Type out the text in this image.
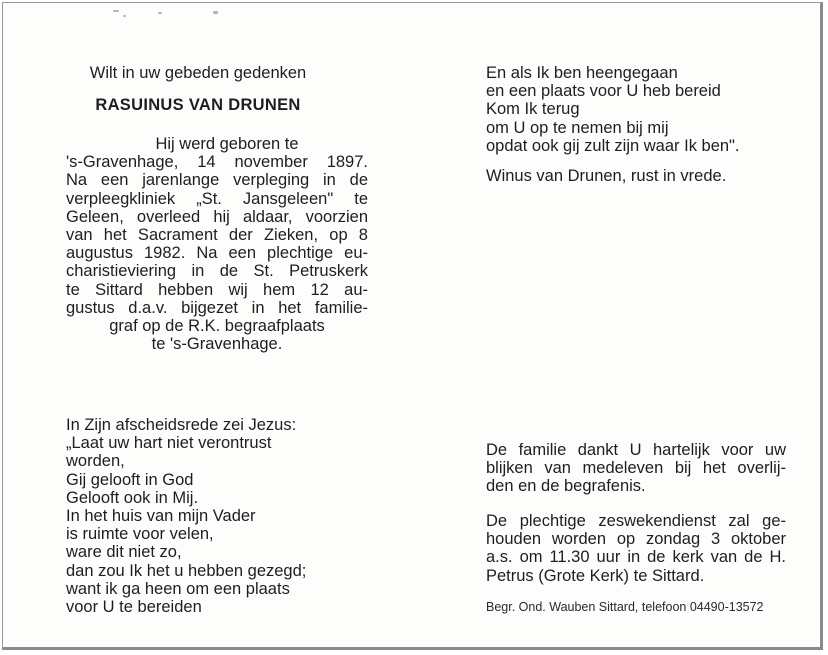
Wilt in uw gebeden gedenken
RASUINUS VAN DRUNEN
Hij werd geboren te
's-Gravenhage, 14 november 1897.
Na een jarenlange verpleging in de
verpleegkliniek „St. Jansgeleen" te
Geleen, overleed hij aldaar, voorzien
van het Sacrament der Zieken, op 8
augustus 1982. Na een plechtige eu-
charistieviering in de St. Petruskerk
te Sittard hebben wij hem 12 au-
gustus d.a.v. bijgezet in het familie-
graf op de R.K. begraafplaats
te 's-Gravenhage.
In Zijn afscheidsrede zei Jezus:
„Laat uw hart niet verontrust
worden,
Gij gelooft in God
Gelooft ook in Mij.
In het huis van mijn Vader
is ruimte voor velen,
ware dit niet zo,
dan zou Ik het u hebben gezegd;
want ik ga heen om een plaats
voor U te bereiden
En als Ik ben heengegaan
en een plaats voor U heb bereid
Kom Ik terug
om U op te nemen bij mij
opdat ook gij zult zijn waar Ik ben".
Winus van Drunen, rust in vrede.
De familie dankt U hartelijk voor uw
blijken van medeleven bij het overlij-
den en de begrafenis.
De plechtige zeswekendienst zal ge-
houden worden op zondag 3 oktober
a.s. om 11.30 uur in de kerk van de H.
Petrus (Grote Kerk) te Sittard.
Begr. Ond. Wauben Sittard, telefoon 04490-13572
